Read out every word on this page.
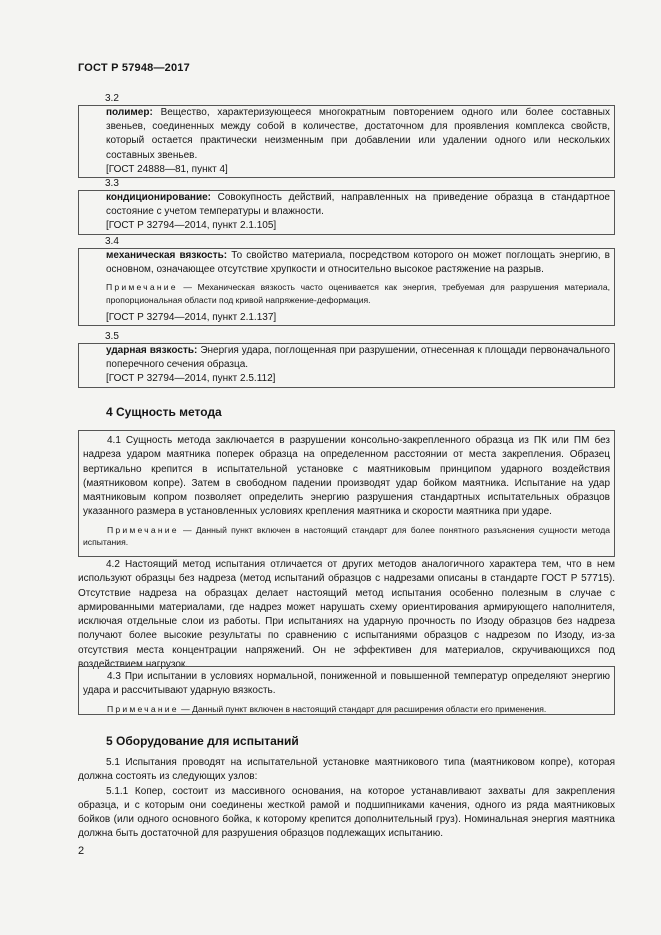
ГОСТ Р 57948—2017
3.2

полимер: Вещество, характеризующееся многократным повторением одного или более составных звеньев, соединенных между собой в количестве, достаточном для проявления комплекса свойств, который остается практически неизменным при добавлении или удалении одного или нескольких составных звеньев.

[ГОСТ 24888—81, пункт 4]

3.3

кондиционирование: Совокупность действий, направленных на приведение образца в стандартное состояние с учетом температуры и влажности.

[ГОСТ Р 32794—2014, пункт 2.1.105]

3.4

механическая вязкость: То свойство материала, посредством которого он может поглощать энергию, в основном, означающее отсутствие хрупкости и относительно высокое растяжение на разрыв.

Примечание — Механическая вязкость часто оценивается как энергия, требуемая для разрушения материала, пропорциональная области под кривой напряжение-деформация.

[ГОСТ Р 32794—2014, пункт 2.1.137]

3.5

ударная вязкость: Энергия удара, поглощенная при разрушении, отнесенная к площади первоначального поперечного сечения образца.

[ГОСТ Р 32794—2014, пункт 2.5.112]

4 Сущность метода

4.1 Сущность метода заключается в разрушении консольно-закрепленного образца из ПК или ПМ без надреза ударом маятника поперек образца на определенном расстоянии от места закрепления. Образец вертикально крепится в испытательной установке с маятниковым принципом ударного воздействия (маятниковом копре). Затем в свободном падении производят удар бойком маятника. Испытание на удар маятниковым копром позволяет определить энергию разрушения стандартных испытательных образцов указанного размера в установленных условиях крепления маятника и скорости маятника при ударе.

Примечание — Данный пункт включен в настоящий стандарт для более понятного разъяснения сущности метода испытания.

4.2 Настоящий метод испытания отличается от других методов аналогичного характера тем, что в нем используют образцы без надреза (метод испытаний образцов с надрезами описаны в стандарте ГОСТ Р 57715). Отсутствие надреза на образцах делает настоящий метод испытания особенно полезным в случае с армированными материалами, где надрез может нарушать схему ориентирования армирующего наполнителя, исключая отдельные слои из работы. При испытаниях на ударную прочность по Изоду образцов без надреза получают более высокие результаты по сравнению с испытаниями образцов с надрезом по Изоду, из-за отсутствия места концентрации напряжений. Он не эффективен для материалов, скручивающихся под воздействием нагрузок.

4.3 При испытании в условиях нормальной, пониженной и повышенной температур определяют энергию удара и рассчитывают ударную вязкость.

Примечание — Данный пункт включен в настоящий стандарт для расширения области его применения.

5 Оборудование для испытаний

5.1 Испытания проводят на испытательной установке маятникового типа (маятниковом копре), которая должна состоять из следующих узлов:

5.1.1 Копер, состоит из массивного основания, на которое устанавливают захваты для закрепления образца, и с которым они соединены жесткой рамой и подшипниками качения, одного из ряда маятниковых бойков (или одного основного бойка, к которому крепится дополнительный груз). Номинальная энергия маятника должна быть достаточной для разрушения образцов подлежащих испытанию.

2
